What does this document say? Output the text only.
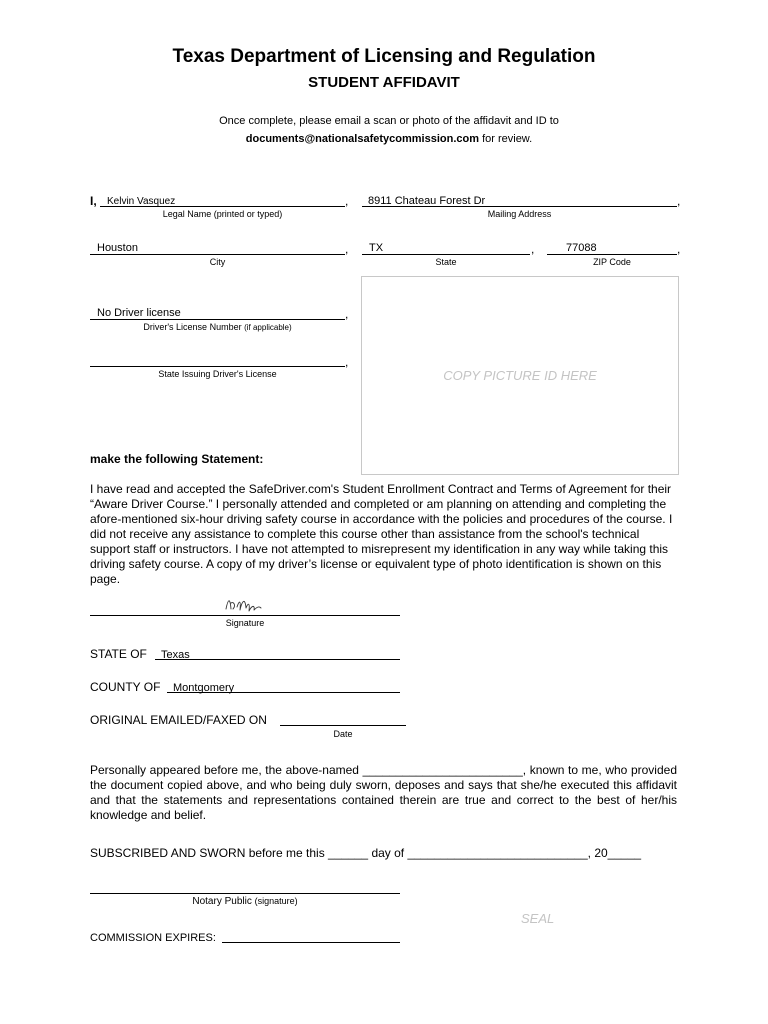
Texas Department of Licensing and Regulation
STUDENT AFFIDAVIT
Once complete, please email a scan or photo of the affidavit and ID to
documents@nationalsafetycommission.com for review.
I, Kelvin Vasquez	,
Legal Name (printed or typed)
8911 Chateau Forest Dr	,
Mailing Address
Houston	,
City
TX	,
State
77088	,
ZIP Code
COPY PICTURE ID HERE
No Driver license	,
Driver's License Number (if applicable)
,
State Issuing Driver's License
make the following Statement:
I have read and accepted the SafeDriver.com's Student Enrollment Contract and Terms of Agreement for their “Aware Driver Course.” I personally attended and completed or am planning on attending and completing the afore-mentioned six-hour driving safety course in accordance with the policies and procedures of the course. I did not receive any assistance to complete this course other than assistance from the school's technical support staff or instructors. I have not attempted to misrepresent my identification in any way while taking this driving safety course. A copy of my driver’s license or equivalent type of photo identification is shown on this page.
Kvn Vsqz
Signature
STATE OF Texas
COUNTY OF Montgomery
ORIGINAL EMAILED/FAXED ON
Date
Personally appeared before me, the above-named ________________________, known to me, who provided the document copied above, and who being duly sworn, deposes and says that she/he executed this affidavit and that the statements and representations contained therein are true and correct to the best of her/his knowledge and belief.
SUBSCRIBED AND SWORN before me this ______ day of ___________________________, 20_____
Notary Public (signature)
SEAL
COMMISSION EXPIRES:
